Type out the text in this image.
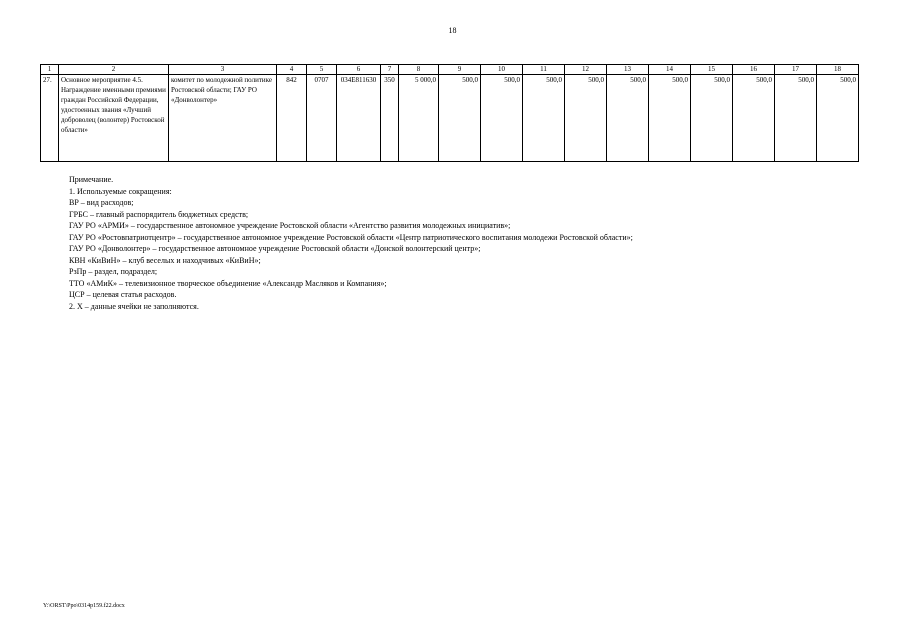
18
1	2	3	4	5	6	7	8	9	10	11	12	13	14	15	16	17	18
27.	Основное мероприятие 4.5. Награждение именными премиями граждан Российской Федерации, удостоенных звания «Лучший доброволец (волонтер) Ростовской области»	комитет по молодежной политике Ростовской области; ГАУ РО «Донволонтер»	842	0707	034E811630	350	5 000,0	500,0	500,0	500,0	500,0	500,0	500,0	500,0	500,0	500,0	500,0
Примечание.
1. Используемые сокращения:
ВР – вид расходов;
ГРБС – главный распорядитель бюджетных средств;
ГАУ РО «АРМИ» – государственное автономное учреждение Ростовской области «Агентство развития молодежных инициатив»;
ГАУ РО «Ростовпатриотцентр» – государственное автономное учреждение Ростовской области «Центр патриотического воспитания молодежи Ростовской области»;
ГАУ РО «Донволонтер» – государственное автономное учреждение Ростовской области «Донской волонтерский центр»;
КВН «КиВиН» – клуб веселых и находчивых «КиВиН»;
РзПр – раздел, подраздел;
ТТО «АМиК» – телевизионное творческое объединение «Александр Масляков и Компания»;
ЦСР – целевая статья расходов.
2. Х – данные ячейки не заполняются.
Y:\ORST\Ppo\0314p159.f22.docx
